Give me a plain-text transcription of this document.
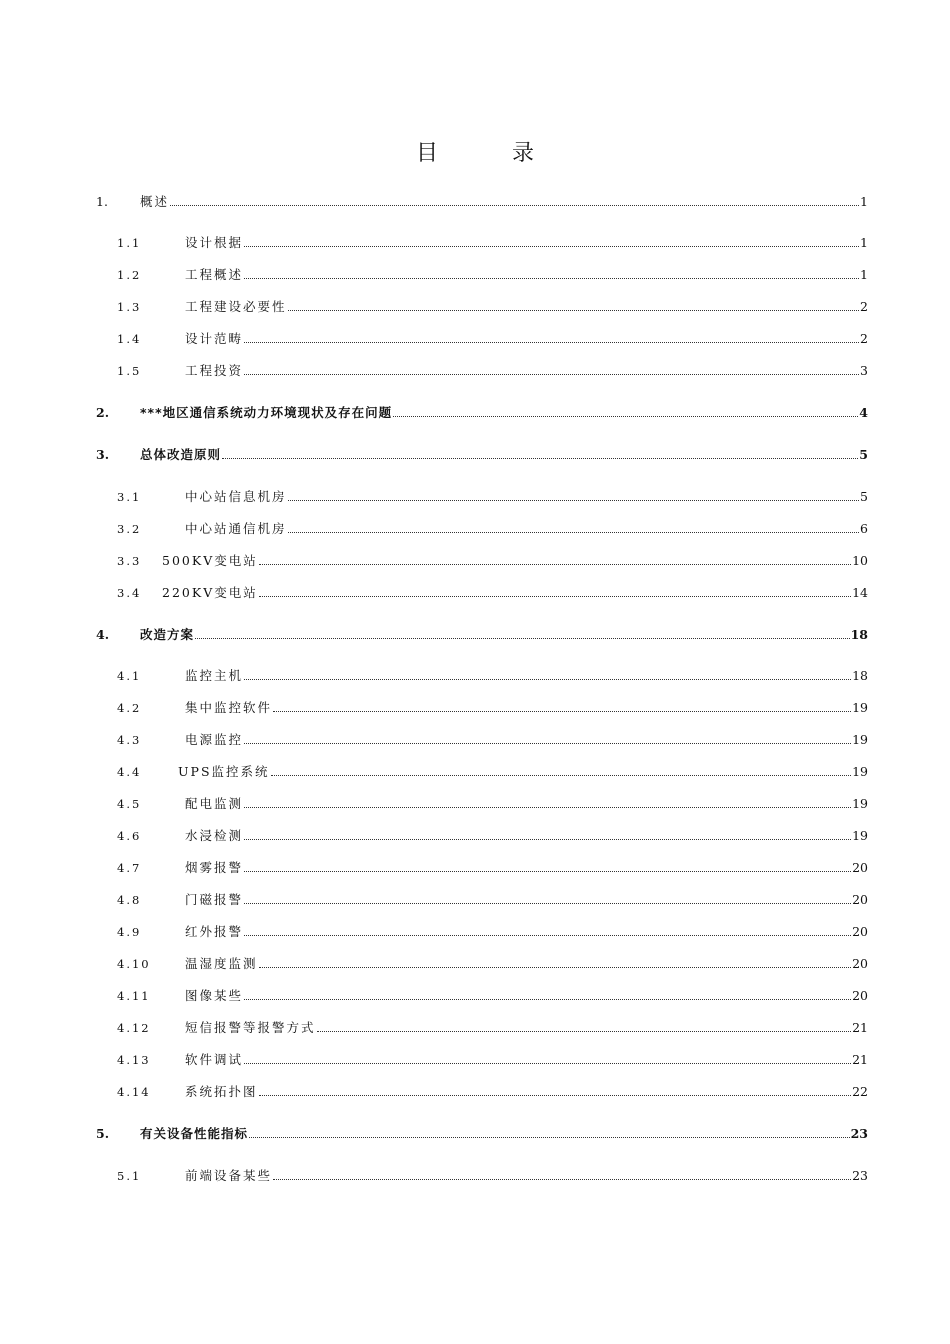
目　录
1.	概述	1
1.1	设计根据	1
1.2	工程概述	1
1.3	工程建设必要性	2
1.4	设计范畴	2
1.5	工程投资	3
2.	***地区通信系统动力环境现状及存在问题	4
3.	总体改造原则	5
3.1	中心站信息机房	5
3.2	中心站通信机房	6
3.3	500KV变电站	10
3.4	220KV变电站	14
4.	改造方案	18
4.1	监控主机	18
4.2	集中监控软件	19
4.3	电源监控	19
4.4	UPS监控系统	19
4.5	配电监测	19
4.6	水浸检测	19
4.7	烟雾报警	20
4.8	门磁报警	20
4.9	红外报警	20
4.10	温湿度监测	20
4.11	图像某些	20
4.12	短信报警等报警方式	21
4.13	软件调试	21
4.14	系统拓扑图	22
5.	有关设备性能指标	23
5.1	前端设备某些	23
